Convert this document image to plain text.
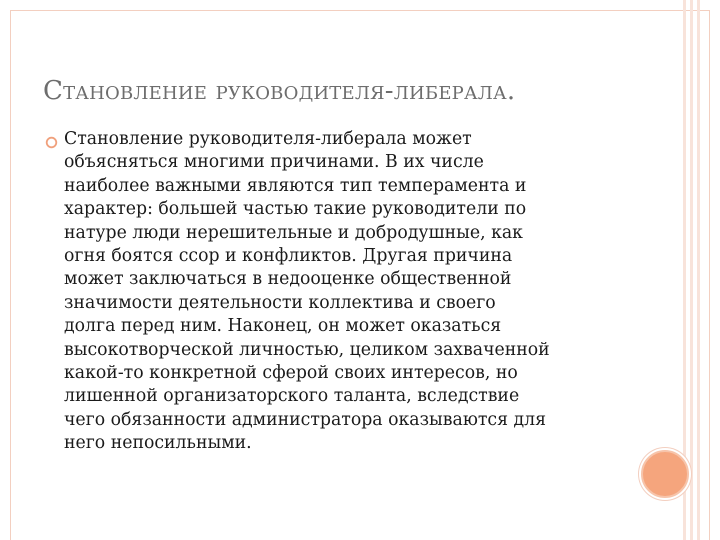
Становление руководителя-либерала.
Становление руководителя-либерала может
объясняться многими причинами. В их числе
наиболее важными являются тип темперамента и
характер: большей частью такие руководители по
натуре люди нерешительные и добродушные, как
огня боятся ссор и конфликтов. Другая причина
может заключаться в недооценке общественной
значимости деятельности коллектива и своего
долга перед ним. Наконец, он может оказаться
высокотворческой личностью, целиком захваченной
какой-то конкретной сферой своих интересов, но
лишенной организаторского таланта, вследствие
чего обязанности администратора оказываются для
него непосильными.
